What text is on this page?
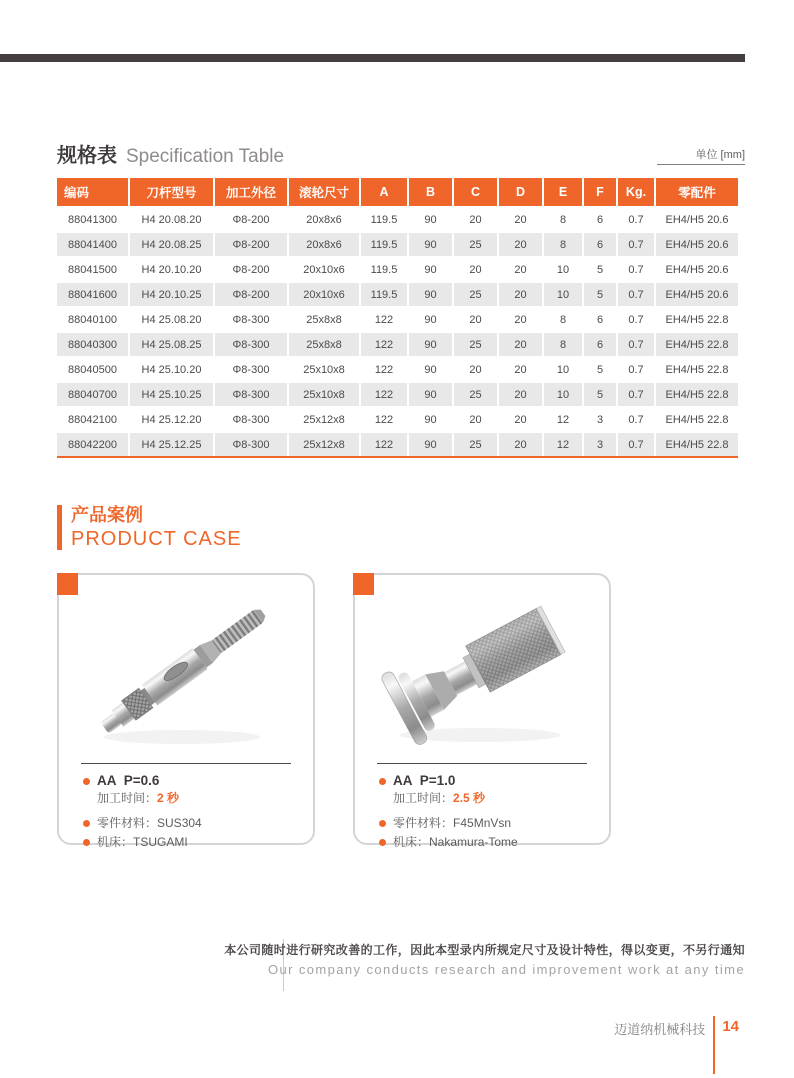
规格表 Specification Table	单位 [mm]
编码	刀杆型号	加工外径	滚轮尺寸	A	B	C	D	E	F	Kg.	零配件
88041300	H4 20.08.20	Φ8-200	20x8x6	119.5	90	20	20	8	6	0.7	EH4/H5 20.6
88041400	H4 20.08.25	Φ8-200	20x8x6	119.5	90	25	20	8	6	0.7	EH4/H5 20.6
88041500	H4 20.10.20	Φ8-200	20x10x6	119.5	90	20	20	10	5	0.7	EH4/H5 20.6
88041600	H4 20.10.25	Φ8-200	20x10x6	119.5	90	25	20	10	5	0.7	EH4/H5 20.6
88040100	H4 25.08.20	Φ8-300	25x8x8	122	90	20	20	8	6	0.7	EH4/H5 22.8
88040300	H4 25.08.25	Φ8-300	25x8x8	122	90	25	20	8	6	0.7	EH4/H5 22.8
88040500	H4 25.10.20	Φ8-300	25x10x8	122	90	20	20	10	5	0.7	EH4/H5 22.8
88040700	H4 25.10.25	Φ8-300	25x10x8	122	90	25	20	10	5	0.7	EH4/H5 22.8
88042100	H4 25.12.20	Φ8-300	25x12x8	122	90	20	20	12	3	0.7	EH4/H5 22.8
88042200	H4 25.12.25	Φ8-300	25x12x8	122	90	25	20	12	3	0.7	EH4/H5 22.8
产品案例
PRODUCT CASE
AA P=0.6
加工时间：2 秒
零件材料：SUS304
机床：TSUGAMI
AA P=1.0
加工时间：2.5 秒
零件材料：F45MnVsn
机床：Nakamura-Tome
本公司随时进行研究改善的工作，因此本型录内所规定尺寸及设计特性，得以变更，不另行通知
Our company conducts research and improvement work at any time
迈道纳机械科技 14
